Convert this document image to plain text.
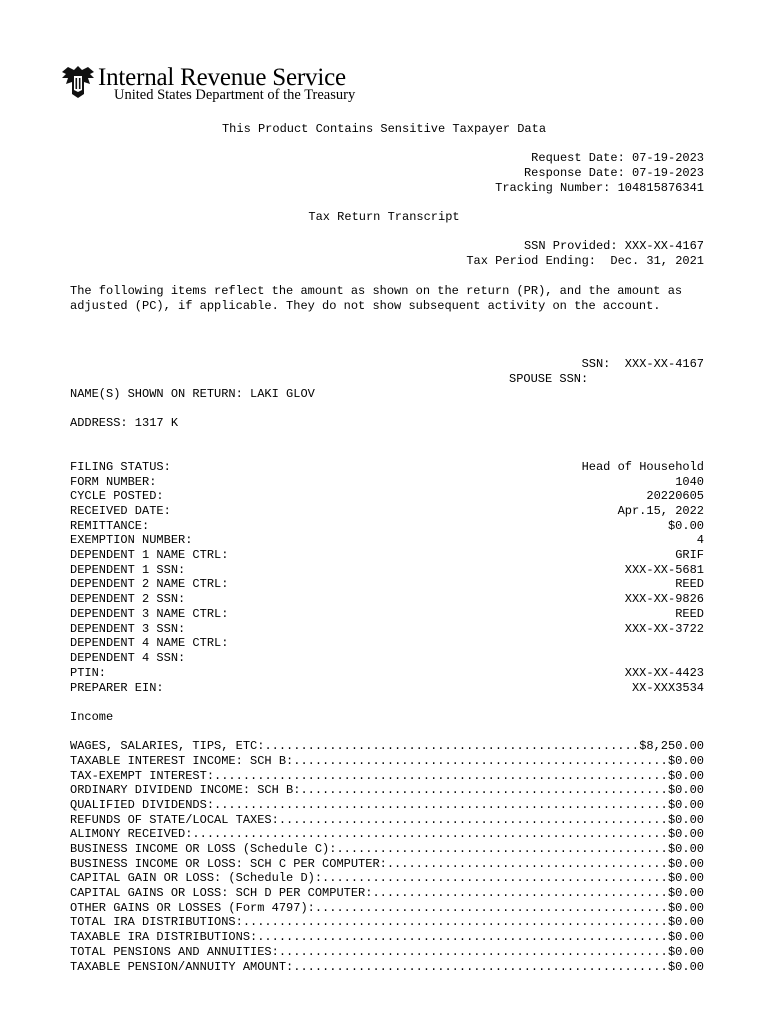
Internal Revenue Service
United States Department of the Treasury
This Product Contains Sensitive Taxpayer Data
Request Date: 07-19-2023
Response Date: 07-19-2023
Tracking Number: 104815876341
Tax Return Transcript
SSN Provided: XXX-XX-4167
Tax Period Ending:  Dec. 31, 2021
The following items reflect the amount as shown on the return (PR), and the amount as adjusted (PC), if applicable. They do not show subsequent activity on the account.
SSN:  XXX-XX-4167
SPOUSE SSN:
NAME(S) SHOWN ON RETURN: LAKI GLOV
ADDRESS: 1317 K
FILING STATUS:	Head of Household
FORM NUMBER:	1040
CYCLE POSTED:	20220605
RECEIVED DATE:	Apr.15, 2022
REMITTANCE:	$0.00
EXEMPTION NUMBER:	4
DEPENDENT 1 NAME CTRL:	GRIF
DEPENDENT 1 SSN:	XXX-XX-5681
DEPENDENT 2 NAME CTRL:	REED
DEPENDENT 2 SSN:	XXX-XX-9826
DEPENDENT 3 NAME CTRL:	REED
DEPENDENT 3 SSN:	XXX-XX-3722
DEPENDENT 4 NAME CTRL:
DEPENDENT 4 SSN:
PTIN:	XXX-XX-4423
PREPARER EIN:	XX-XXX3534
Income
WAGES, SALARIES, TIPS, ETC: .....	$8,250.00
TAXABLE INTEREST INCOME: SCH B: .....	$0.00
TAX-EXEMPT INTEREST: .....	$0.00
ORDINARY DIVIDEND INCOME: SCH B: .....	$0.00
QUALIFIED DIVIDENDS: .....	$0.00
REFUNDS OF STATE/LOCAL TAXES: .....	$0.00
ALIMONY RECEIVED: .....	$0.00
BUSINESS INCOME OR LOSS (Schedule C): .....	$0.00
BUSINESS INCOME OR LOSS: SCH C PER COMPUTER: .....	$0.00
CAPITAL GAIN OR LOSS: (Schedule D): .....	$0.00
CAPITAL GAINS OR LOSS: SCH D PER COMPUTER: .....	$0.00
OTHER GAINS OR LOSSES (Form 4797): .....	$0.00
TOTAL IRA DISTRIBUTIONS: .....	$0.00
TAXABLE IRA DISTRIBUTIONS: .....	$0.00
TOTAL PENSIONS AND ANNUITIES: .....	$0.00
TAXABLE PENSION/ANNUITY AMOUNT: .....	$0.00
